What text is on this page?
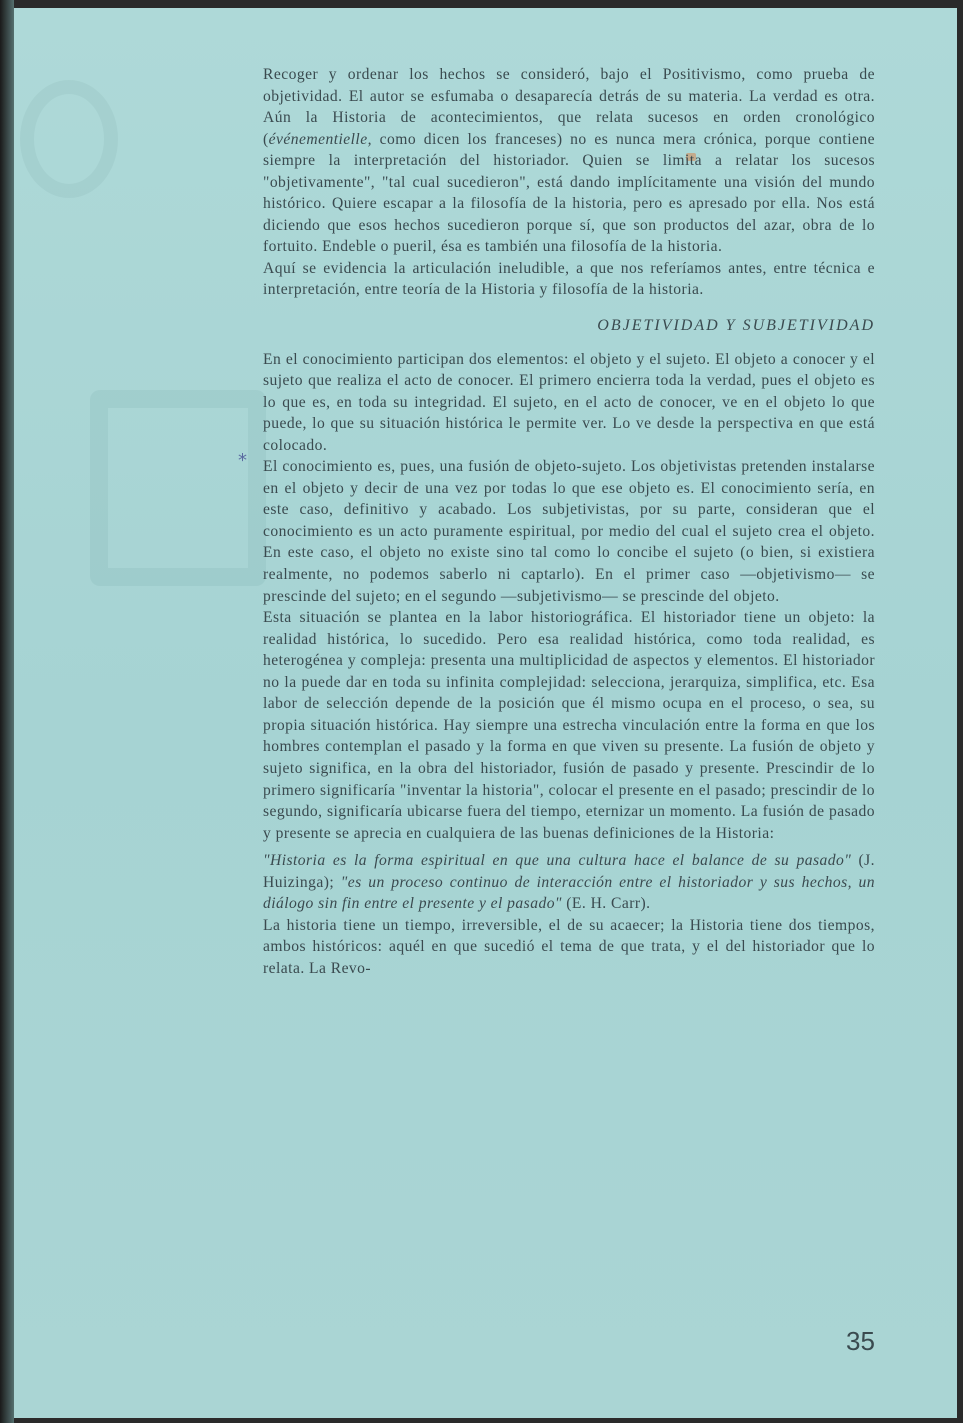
*

Recoger y ordenar los hechos se consideró, bajo el Positivismo, como prueba de objetividad. El autor se esfumaba o desaparecía detrás de su materia. La verdad es otra. Aún la Historia de acontecimientos, que relata sucesos en orden cronológico (événementielle, como dicen los franceses) no es nunca mera crónica, porque contiene siempre la interpretación del historiador. Quien se limita a relatar los sucesos "objetivamente", "tal cual sucedieron", está dando implícitamente una visión del mundo histórico. Quiere escapar a la filosofía de la historia, pero es apresado por ella. Nos está diciendo que esos hechos sucedieron porque sí, que son productos del azar, obra de lo fortuito. Endeble o pueril, ésa es también una filosofía de la historia.

Aquí se evidencia la articulación ineludible, a que nos referíamos antes, entre técnica e interpretación, entre teoría de la Historia y filosofía de la historia.

OBJETIVIDAD Y SUBJETIVIDAD

En el conocimiento participan dos elementos: el objeto y el sujeto. El objeto a conocer y el sujeto que realiza el acto de conocer. El primero encierra toda la verdad, pues el objeto es lo que es, en toda su integridad. El sujeto, en el acto de conocer, ve en el objeto lo que puede, lo que su situación histórica le permite ver. Lo ve desde la perspectiva en que está colocado.

El conocimiento es, pues, una fusión de objeto-sujeto. Los objetivistas pretenden instalarse en el objeto y decir de una vez por todas lo que ese objeto es. El conocimiento sería, en este caso, definitivo y acabado. Los subjetivistas, por su parte, consideran que el conocimiento es un acto puramente espiritual, por medio del cual el sujeto crea el objeto. En este caso, el objeto no existe sino tal como lo concibe el sujeto (o bien, si existiera realmente, no podemos saberlo ni captarlo). En el primer caso —objetivismo— se prescinde del sujeto; en el segundo —subjetivismo— se prescinde del objeto.

Esta situación se plantea en la labor historiográfica. El historiador tiene un objeto: la realidad histórica, lo sucedido. Pero esa realidad histórica, como toda realidad, es heterogénea y compleja: presenta una multiplicidad de aspectos y elementos. El historiador no la puede dar en toda su infinita complejidad: selecciona, jerarquiza, simplifica, etc. Esa labor de selección depende de la posición que él mismo ocupa en el proceso, o sea, su propia situación histórica. Hay siempre una estrecha vinculación entre la forma en que los hombres contemplan el pasado y la forma en que viven su presente. La fusión de objeto y sujeto significa, en la obra del historiador, fusión de pasado y presente. Prescindir de lo primero significaría "inventar la historia", colocar el presente en el pasado; prescindir de lo segundo, significaría ubicarse fuera del tiempo, eternizar un momento. La fusión de pasado y presente se aprecia en cualquiera de las buenas definiciones de la Historia:

"Historia es la forma espiritual en que una cultura hace el balance de su pasado" (J. Huizinga); "es un proceso continuo de interacción entre el historiador y sus hechos, un diálogo sin fin entre el presente y el pasado" (E. H. Carr).

La historia tiene un tiempo, irreversible, el de su acaecer; la Historia tiene dos tiempos, ambos históricos: aquél en que sucedió el tema de que trata, y el del historiador que lo relata. La Revo-

35
